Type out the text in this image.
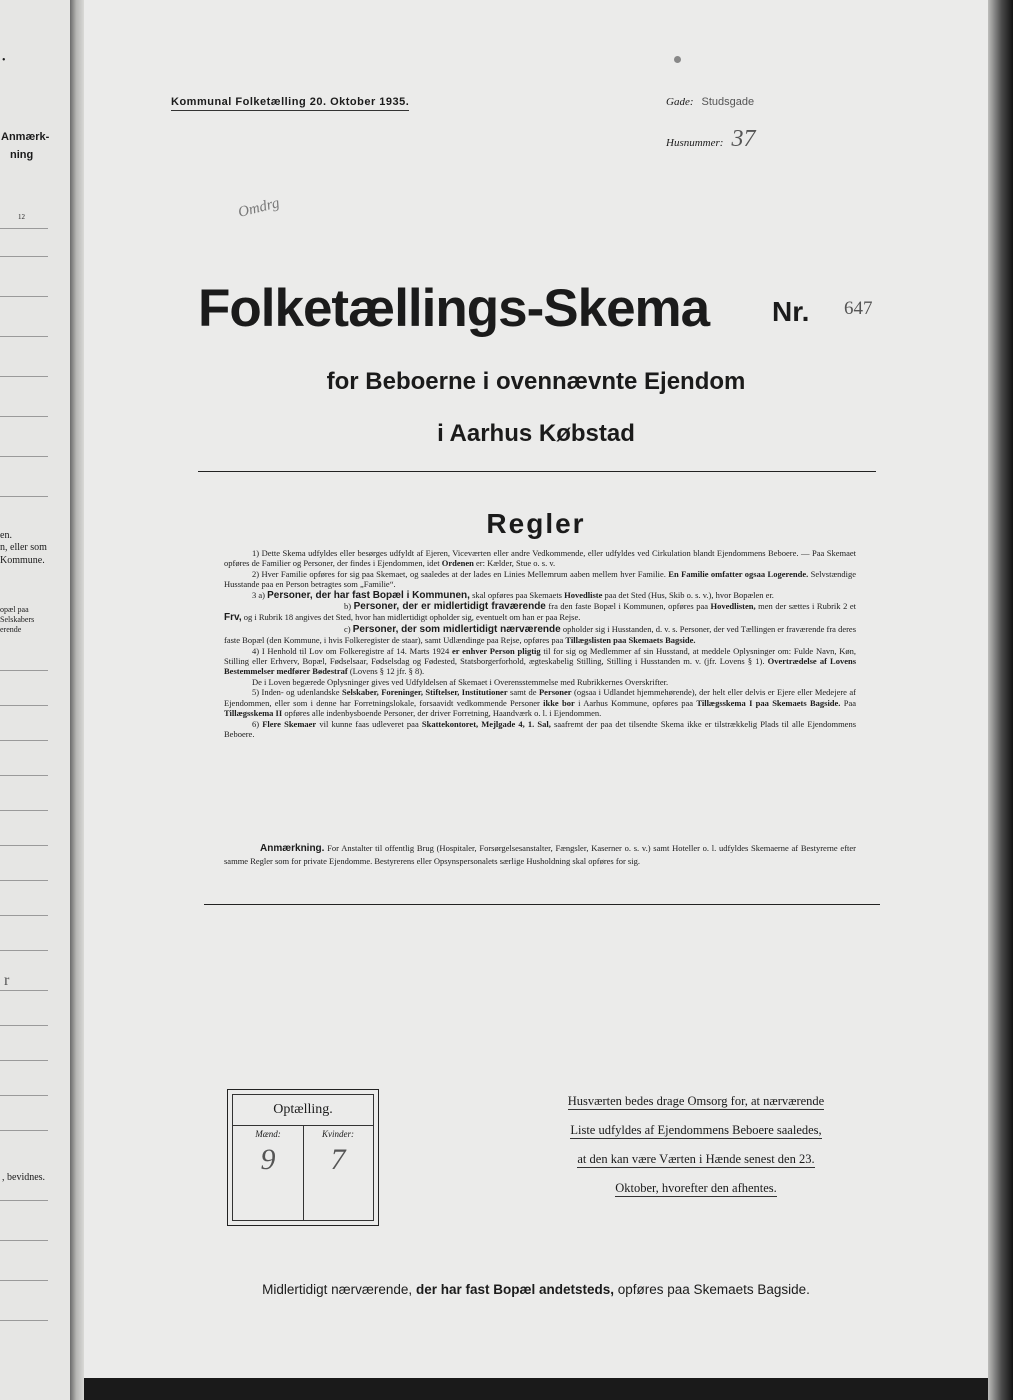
•
Anmærk-
ning
12
en.
n, eller som
Kommune.
opæl paa
Selskabers
erende
r
, bevidnes.
Kommunal Folketælling 20. Oktober 1935.	Gade: Studsgade
Husnummer: 37
Omdrg
Folketællings-Skema Nr. 647
for Beboerne i ovennævnte Ejendom
i Aarhus Købstad
Regler

1) Dette Skema udfyldes eller besørges udfyldt af Ejeren, Viceværten eller andre Vedkommende, eller udfyldes ved Cirkulation blandt Ejendommens Beboere. — Paa Skemaet opføres de Familier og Personer, der findes i Ejendommen, idet Ordenen er: Kælder, Stue o. s. v.

2) Hver Familie opføres for sig paa Skemaet, og saaledes at der lades en Linies Mellemrum aaben mellem hver Familie. En Familie omfatter ogsaa Logerende. Selvstændige Husstande paa en Person betragtes som „Familie“.

3 a) Personer, der har fast Bopæl i Kommunen, skal opføres paa Skemaets Hovedliste paa det Sted (Hus, Skib o. s. v.), hvor Bopælen er.

b) Personer, der er midlertidigt fraværende fra den faste Bopæl i Kommunen, opføres paa Hovedlisten, men der sættes i Rubrik 2 et Frv, og i Rubrik 18 angives det Sted, hvor han midlertidigt opholder sig, eventuelt om han er paa Rejse.

c) Personer, der som midlertidigt nærværende opholder sig i Husstanden, d. v. s. Personer, der ved Tællingen er fraværende fra deres faste Bopæl (den Kommune, i hvis Folkeregister de staar), samt Udlændinge paa Rejse, opføres paa Tillægslisten paa Skemaets Bagside.

4) I Henhold til Lov om Folkeregistre af 14. Marts 1924 er enhver Person pligtig til for sig og Medlemmer af sin Husstand, at meddele Oplysninger om: Fulde Navn, Køn, Stilling eller Erhverv, Bopæl, Fødselsaar, Fødselsdag og Fødested, Statsborgerforhold, ægteskabelig Stilling, Stilling i Husstanden m. v. (jfr. Lovens § 1). Overtrædelse af Lovens Bestemmelser medfører Bødestraf (Lovens § 12 jfr. § 8).

De i Loven begærede Oplysninger gives ved Udfyldelsen af Skemaet i Overensstemmelse med Rubrikkernes Overskrifter.

5) Inden- og udenlandske Selskaber, Foreninger, Stiftelser, Institutioner samt de Personer (ogsaa i Udlandet hjemmehørende), der helt eller delvis er Ejere eller Medejere af Ejendommen, eller som i denne har Forretningslokale, forsaavidt vedkommende Personer ikke bor i Aarhus Kommune, opføres paa Tillægsskema I paa Skemaets Bagside. Paa Tillægsskema II opføres alle indenbysboende Personer, der driver Forretning, Haandværk o. l. i Ejendommen.

6) Flere Skemaer vil kunne faas udleveret paa Skattekontoret, Mejlgade 4, 1. Sal, saafremt der paa det tilsendte Skema ikke er tilstrækkelig Plads til alle Ejendommens Beboere.

Anmærkning. For Anstalter til offentlig Brug (Hospitaler, Forsørgelsesanstalter, Fængsler, Kaserner o. s. v.) samt Hoteller o. l. udfyldes Skemaerne af Bestyrerne efter samme Regler som for private Ejendomme. Bestyrerens eller Opsynspersonalets særlige Husholdning skal opføres for sig.

Optælling.
Mænd:
9
Kvinder:
7
Husværten bedes drage Omsorg for, at nærværende
Liste udfyldes af Ejendommens Beboere saaledes,
at den kan være Værten i Hænde senest den 23.
Oktober, hvorefter den afhentes.
Midlertidigt nærværende, der har fast Bopæl andetsteds, opføres paa Skemaets Bagside.
